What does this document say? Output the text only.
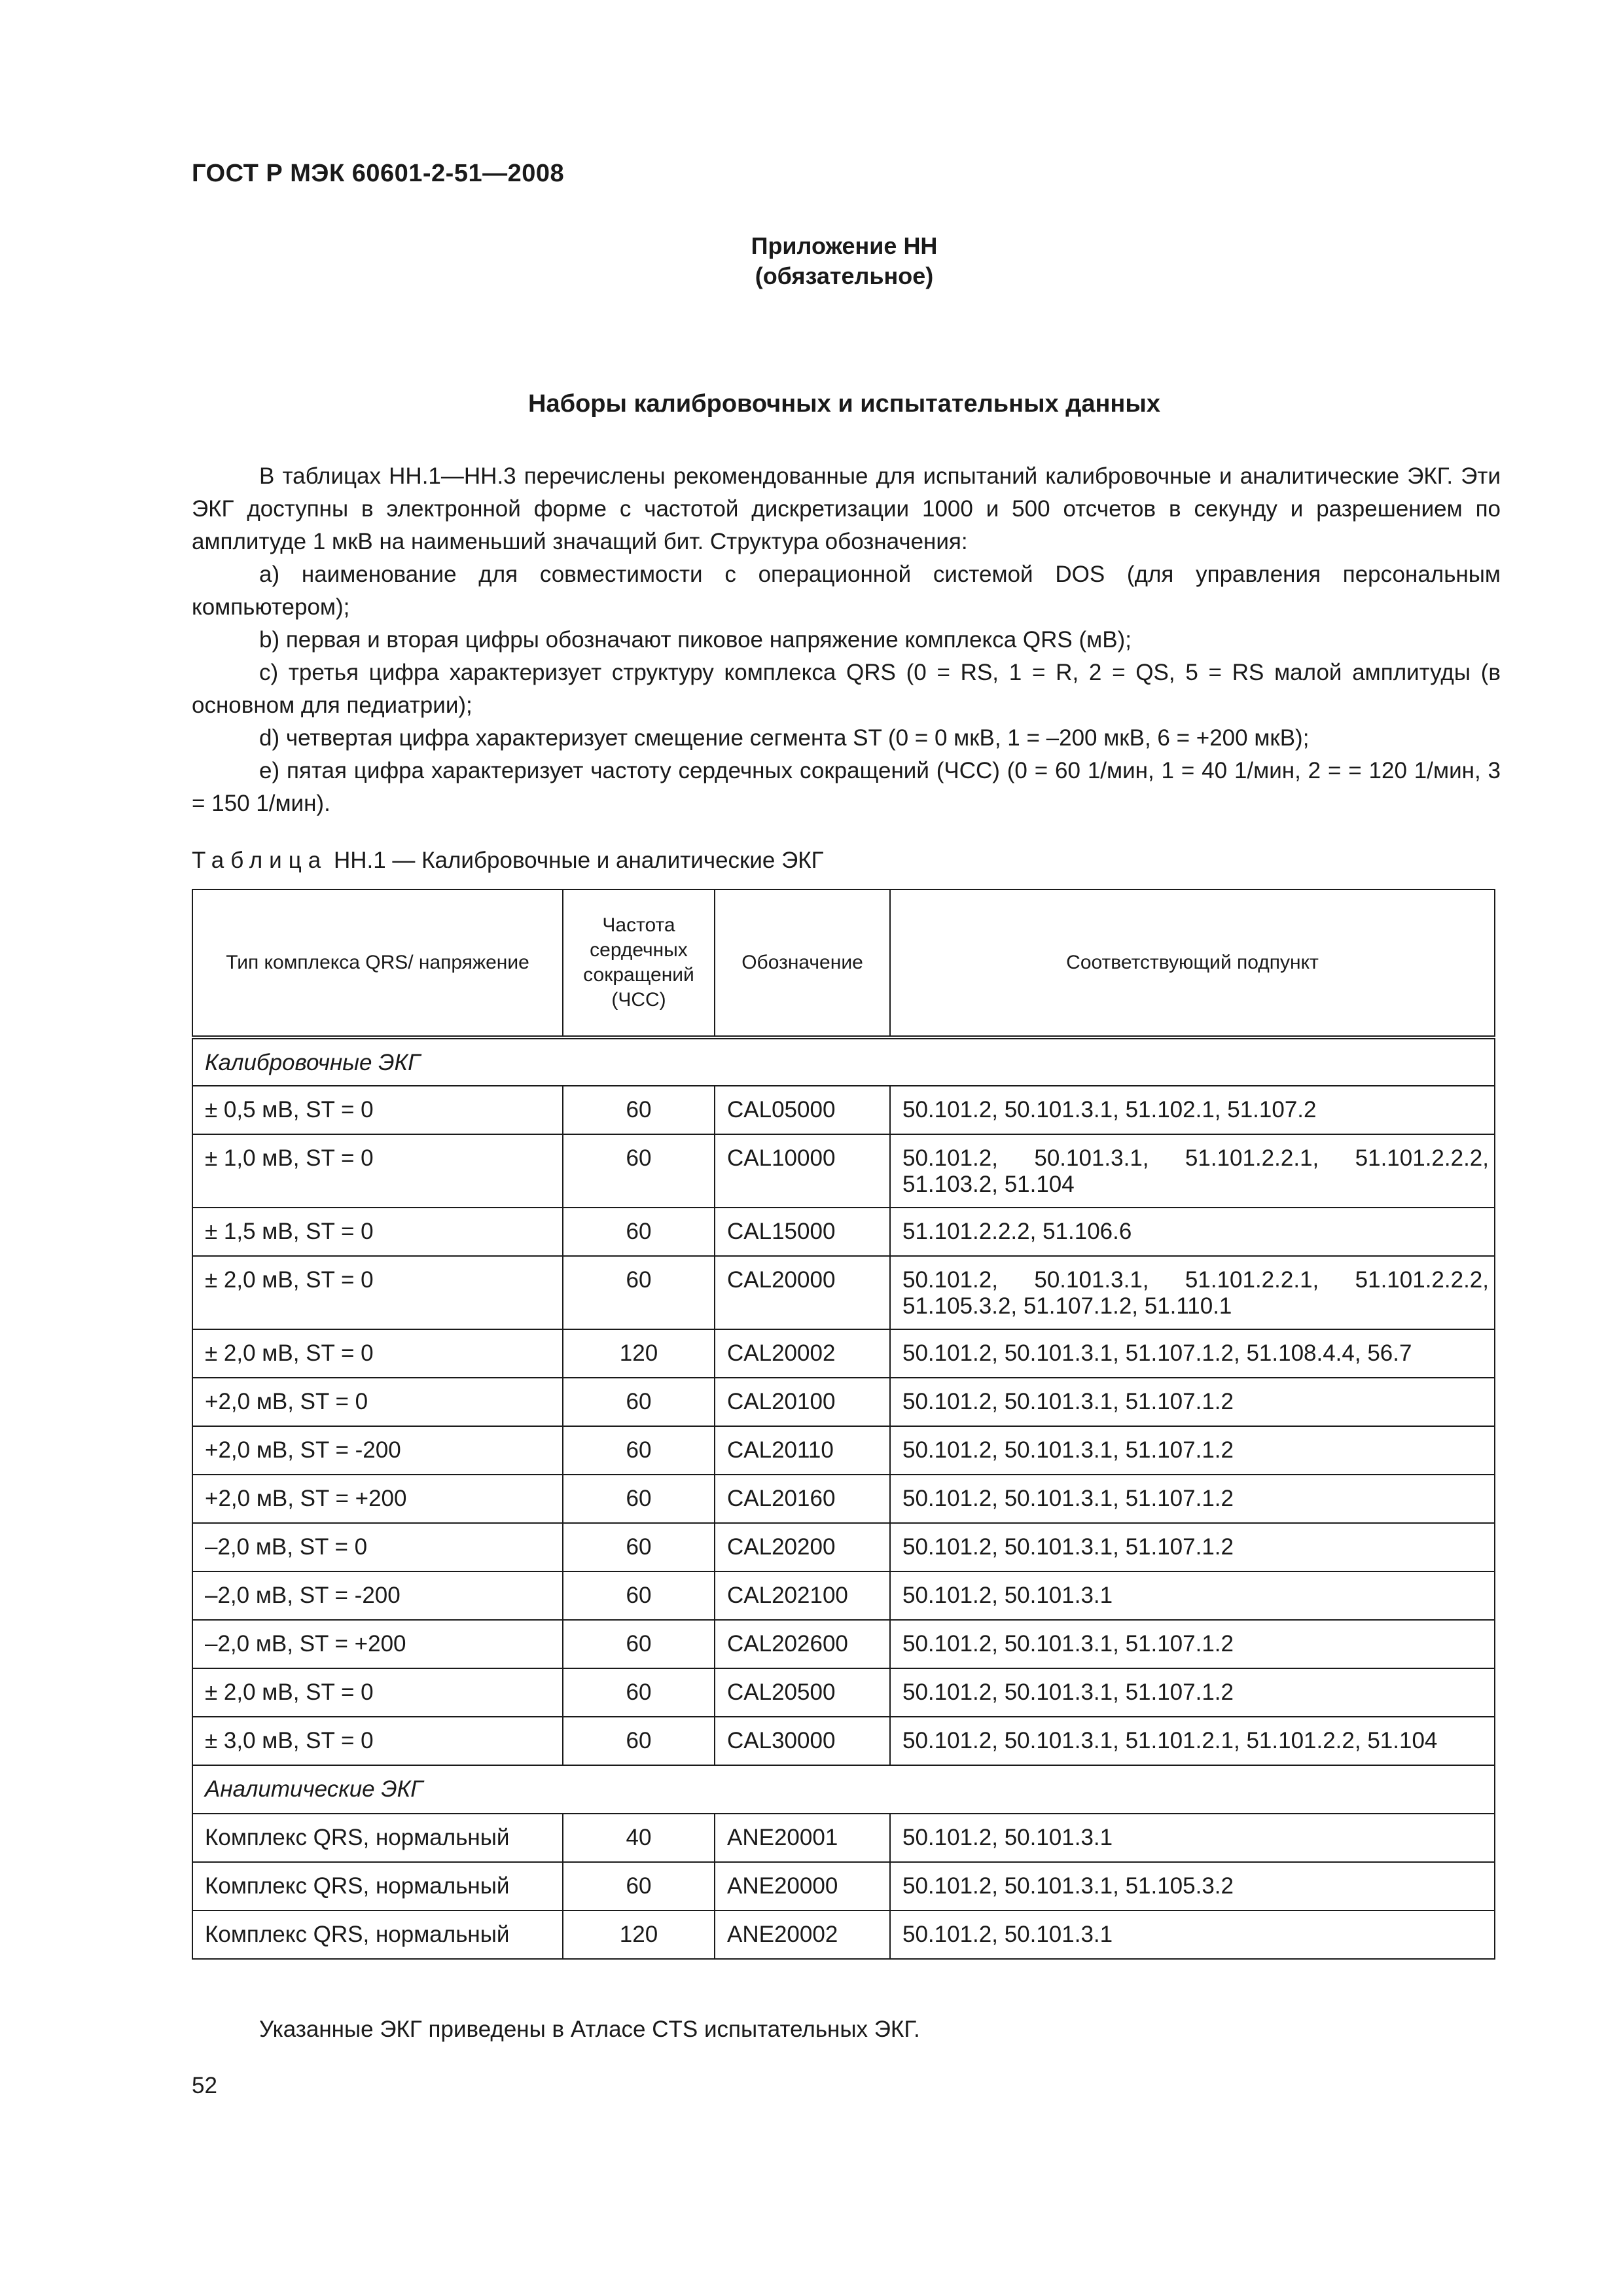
ГОСТ Р МЭК 60601-2-51—2008
Приложение НН
(обязательное)
Наборы калибровочных и испытательных данных

В таблицах НН.1—НН.3 перечислены рекомендованные для испытаний калибровочные и аналитические ЭКГ. Эти ЭКГ доступны в электронной форме с частотой дискретизации 1000 и 500 отсчетов в секунду и разрешением по амплитуде 1 мкВ на наименьший значащий бит. Структура обозначения:

a) наименование для совместимости с операционной системой DOS (для управления персональным компьютером);

b) первая и вторая цифры обозначают пиковое напряжение комплекса QRS (мВ);

c) третья цифра характеризует структуру комплекса QRS (0 = RS, 1 = R, 2 = QS, 5 = RS малой амплитуды (в основном для педиатрии);

d) четвертая цифра характеризует смещение сегмента ST (0 = 0 мкВ, 1 = –200 мкВ, 6 = +200 мкВ);

e) пятая цифра характеризует частоту сердечных сокращений (ЧСС) (0 = 60 1/мин, 1 = 40 1/мин, 2 = = 120 1/мин, 3 = 150 1/мин).

Таблица НН.1 — Калибровочные и аналитические ЭКГ
Тип комплекса QRS/ напряжение	Частота сердечных сокращений (ЧСС)	Обозначение	Соответствующий подпункт
Калибровочные ЭКГ			
± 0,5 мВ, ST = 0	60	CAL05000	50.101.2, 50.101.3.1, 51.102.1, 51.107.2
± 1,0 мВ, ST = 0	60	CAL10000	50.101.2, 50.101.3.1, 51.101.2.2.1, 51.101.2.2.2, 51.103.2, 51.104
± 1,5 мВ, ST = 0	60	CAL15000	51.101.2.2.2, 51.106.6
± 2,0 мВ, ST = 0	60	CAL20000	50.101.2, 50.101.3.1, 51.101.2.2.1, 51.101.2.2.2, 51.105.3.2, 51.107.1.2, 51.110.1
± 2,0 мВ, ST = 0	120	CAL20002	50.101.2, 50.101.3.1, 51.107.1.2, 51.108.4.4, 56.7
+2,0 мВ, ST = 0	60	CAL20100	50.101.2, 50.101.3.1, 51.107.1.2
+2,0 мВ, ST = -200	60	CAL20110	50.101.2, 50.101.3.1, 51.107.1.2
+2,0 мВ, ST = +200	60	CAL20160	50.101.2, 50.101.3.1, 51.107.1.2
–2,0 мВ, ST = 0	60	CAL20200	50.101.2, 50.101.3.1, 51.107.1.2
–2,0 мВ, ST = -200	60	CAL202100	50.101.2, 50.101.3.1
–2,0 мВ, ST = +200	60	CAL202600	50.101.2, 50.101.3.1, 51.107.1.2
± 2,0 мВ, ST = 0	60	CAL20500	50.101.2, 50.101.3.1, 51.107.1.2
± 3,0 мВ, ST = 0	60	CAL30000	50.101.2, 50.101.3.1, 51.101.2.1, 51.101.2.2, 51.104
Аналитические ЭКГ			
Комплекс QRS, нормальный	40	ANE20001	50.101.2, 50.101.3.1
Комплекс QRS, нормальный	60	ANE20000	50.101.2, 50.101.3.1, 51.105.3.2
Комплекс QRS, нормальный	120	ANE20002	50.101.2, 50.101.3.1
Указанные ЭКГ приведены в Атласе CTS испытательных ЭКГ.
52
